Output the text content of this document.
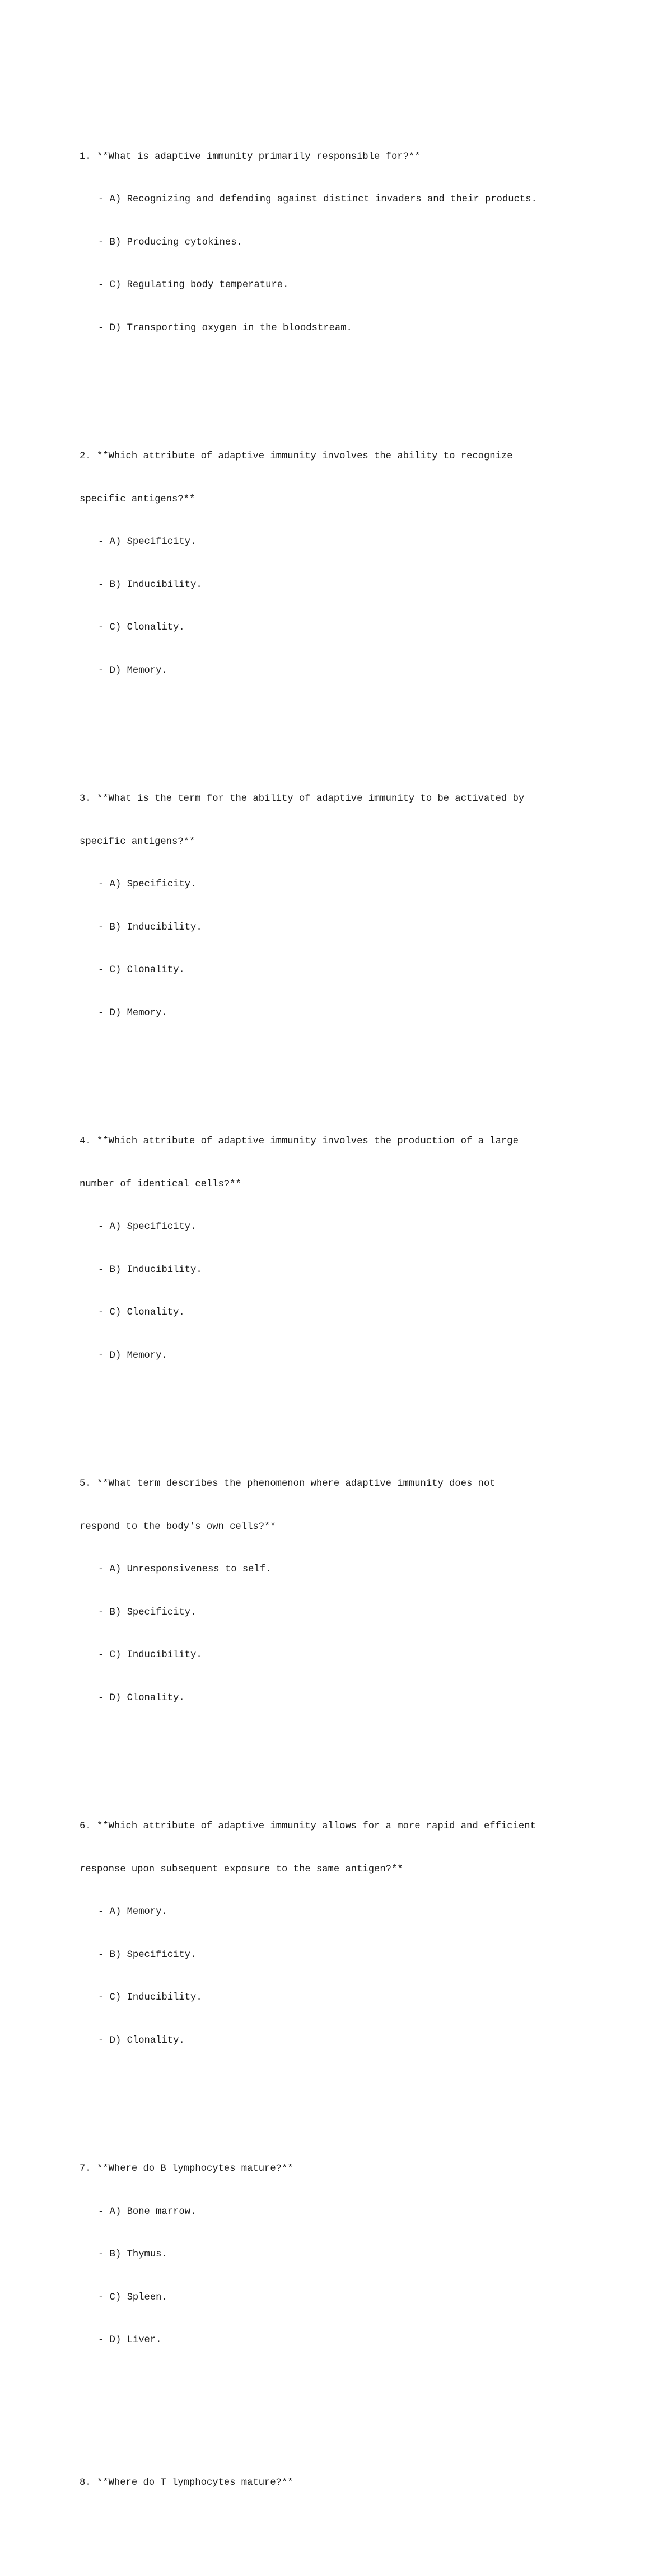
1. **What is adaptive immunity primarily responsible for?**

- A) Recognizing and defending against distinct invaders and their products.

- B) Producing cytokines.

- C) Regulating body temperature.

- D) Transporting oxygen in the bloodstream.

2. **Which attribute of adaptive immunity involves the ability to recognize

specific antigens?**

- A) Specificity.

- B) Inducibility.

- C) Clonality.

- D) Memory.

3. **What is the term for the ability of adaptive immunity to be activated by

specific antigens?**

- A) Specificity.

- B) Inducibility.

- C) Clonality.

- D) Memory.

4. **Which attribute of adaptive immunity involves the production of a large

number of identical cells?**

- A) Specificity.

- B) Inducibility.

- C) Clonality.

- D) Memory.

5. **What term describes the phenomenon where adaptive immunity does not

respond to the body's own cells?**

- A) Unresponsiveness to self.

- B) Specificity.

- C) Inducibility.

- D) Clonality.

6. **Which attribute of adaptive immunity allows for a more rapid and efficient

response upon subsequent exposure to the same antigen?**

- A) Memory.

- B) Specificity.

- C) Inducibility.

- D) Clonality.

7. **Where do B lymphocytes mature?**

- A) Bone marrow.

- B) Thymus.

- C) Spleen.

- D) Liver.

8. **Where do T lymphocytes mature?**
